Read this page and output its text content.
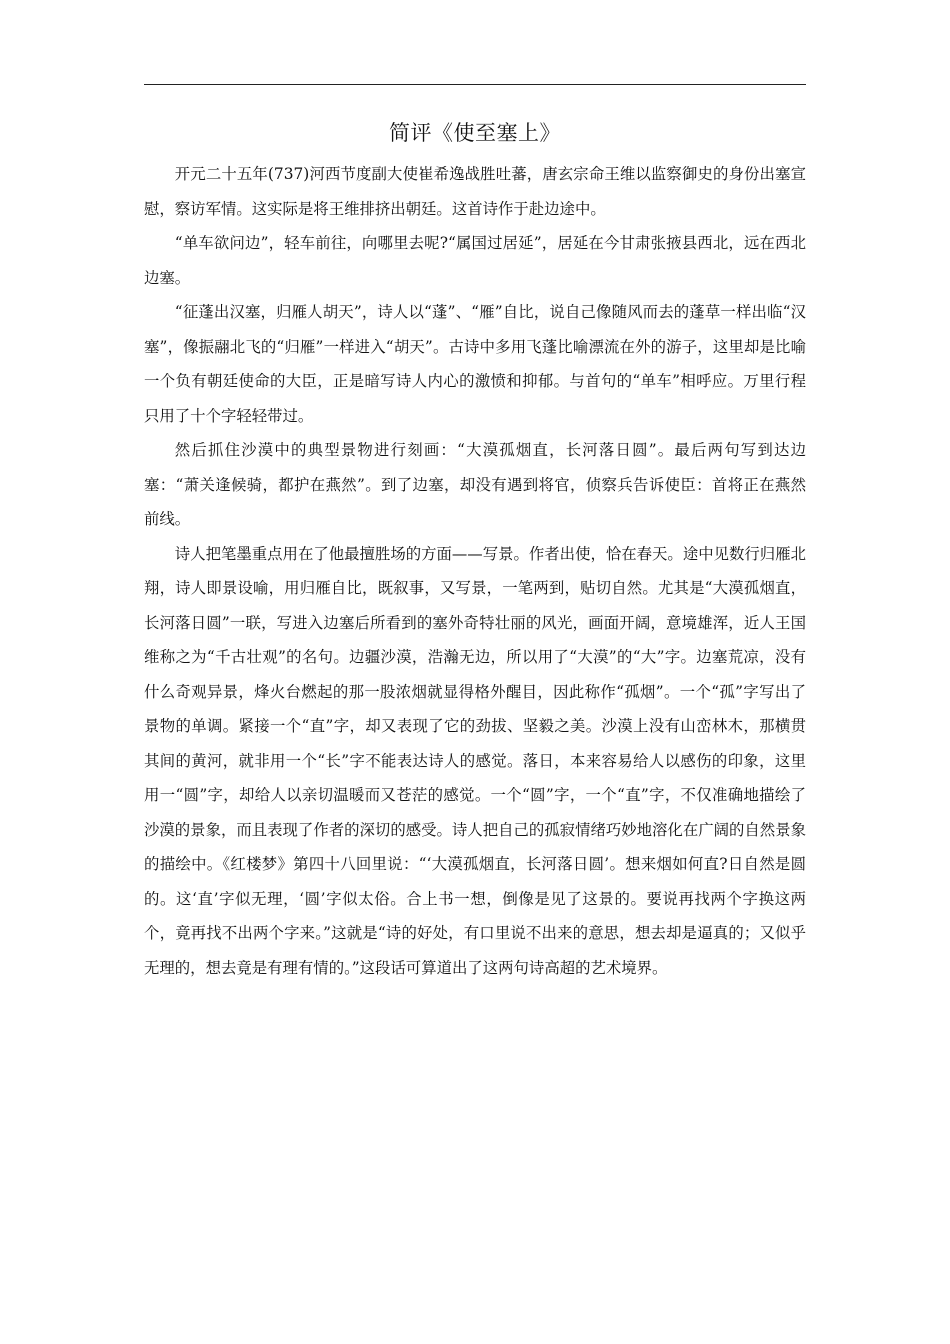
简评《使至塞上》

开元二十五年(737)河西节度副大使崔希逸战胜吐蕃，唐玄宗命王维以监察御史的身份出塞宣慰，察访军情。这实际是将王维排挤出朝廷。这首诗作于赴边途中。

“单车欲问边”，轻车前往，向哪里去呢?“属国过居延”，居延在今甘肃张掖县西北，远在西北边塞。

“征蓬出汉塞，归雁人胡天”，诗人以“蓬”、“雁”自比，说自己像随风而去的蓬草一样出临“汉塞”，像振翮北飞的“归雁”一样进入“胡天”。古诗中多用飞蓬比喻漂流在外的游子，这里却是比喻一个负有朝廷使命的大臣，正是暗写诗人内心的激愤和抑郁。与首句的“单车”相呼应。万里行程只用了十个字轻轻带过。

然后抓住沙漠中的典型景物进行刻画：“大漠孤烟直，长河落日圆”。最后两句写到达边塞：“萧关逢候骑，都护在燕然”。到了边塞，却没有遇到将官，侦察兵告诉使臣：首将正在燕然前线。

诗人把笔墨重点用在了他最擅胜场的方面——写景。作者出使，恰在春天。途中见数行归雁北翔，诗人即景设喻，用归雁自比，既叙事，又写景，一笔两到，贴切自然。尤其是“大漠孤烟直，长河落日圆”一联，写进入边塞后所看到的塞外奇特壮丽的风光，画面开阔，意境雄浑，近人王国维称之为“千古壮观”的名句。边疆沙漠，浩瀚无边，所以用了“大漠”的“大”字。边塞荒凉，没有什么奇观异景，烽火台燃起的那一股浓烟就显得格外醒目，因此称作“孤烟”。一个“孤”字写出了景物的单调。紧接一个“直”字，却又表现了它的劲拔、坚毅之美。沙漠上没有山峦林木，那横贯其间的黄河，就非用一个“长”字不能表达诗人的感觉。落日，本来容易给人以感伤的印象，这里用一“圆”字，却给人以亲切温暖而又苍茫的感觉。一个“圆”字，一个“直”字，不仅准确地描绘了沙漠的景象，而且表现了作者的深切的感受。诗人把自己的孤寂情绪巧妙地溶化在广阔的自然景象的描绘中。《红楼梦》第四十八回里说：“‘大漠孤烟直，长河落日圆’。想来烟如何直?日自然是圆的。这‘直’字似无理，‘圆’字似太俗。合上书一想，倒像是见了这景的。要说再找两个字换这两个，竟再找不出两个字来。”这就是“诗的好处，有口里说不出来的意思，想去却是逼真的；又似乎无理的，想去竟是有理有情的。”这段话可算道出了这两句诗高超的艺术境界。
